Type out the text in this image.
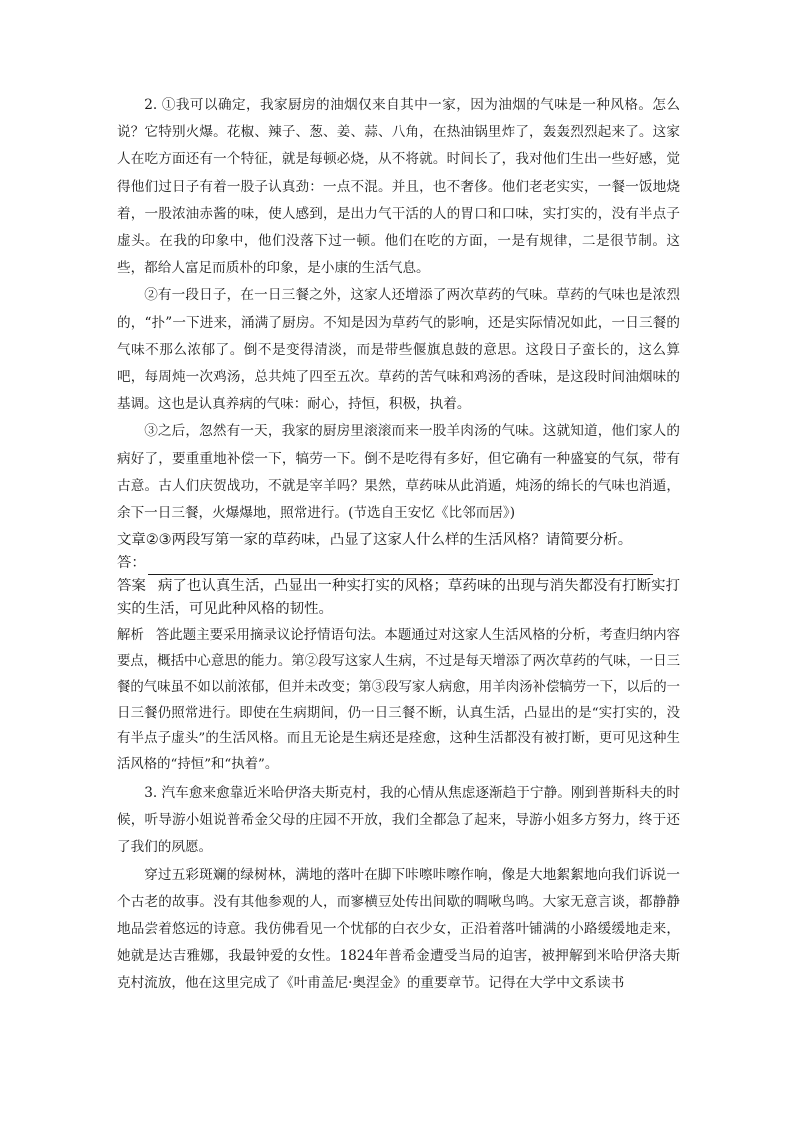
2. ①我可以确定，我家厨房的油烟仅来自其中一家，因为油烟的气味是一种风格。怎么说？它特别火爆。花椒、辣子、葱、姜、蒜、八角，在热油锅里炸了，轰轰烈烈起来了。这家人在吃方面还有一个特征，就是每顿必烧，从不将就。时间长了，我对他们生出一些好感，觉得他们过日子有着一股子认真劲：一点不混。并且，也不奢侈。他们老老实实，一餐一饭地烧着，一股浓油赤酱的味，使人感到，是出力气干活的人的胃口和口味，实打实的，没有半点子虚头。在我的印象中，他们没落下过一顿。他们在吃的方面，一是有规律，二是很节制。这些，都给人富足而质朴的印象，是小康的生活气息。

②有一段日子，在一日三餐之外，这家人还增添了两次草药的气味。草药的气味也是浓烈的，“扑”一下进来，涌满了厨房。不知是因为草药气的影响，还是实际情况如此，一日三餐的气味不那么浓郁了。倒不是变得清淡，而是带些偃旗息鼓的意思。这段日子蛮长的，这么算吧，每周炖一次鸡汤，总共炖了四至五次。草药的苦气味和鸡汤的香味，是这段时间油烟味的基调。这也是认真养病的气味：耐心，持恒，积极，执着。

③之后，忽然有一天，我家的厨房里滚滚而来一股羊肉汤的气味。这就知道，他们家人的病好了，要重重地补偿一下，犒劳一下。倒不是吃得有多好，但它确有一种盛宴的气氛，带有古意。古人们庆贺战功，不就是宰羊吗？果然，草药味从此消遁，炖汤的绵长的气味也消遁，余下一日三餐，火爆爆地，照常进行。(节选自王安忆《比邻而居》)

文章②③两段写第一家的草药味，凸显了这家人什么样的生活风格？请简要分析。

答：

答案 病了也认真生活，凸显出一种实打实的风格；草药味的出现与消失都没有打断实打实的生活，可见此种风格的韧性。

解析 答此题主要采用摘录议论抒情语句法。本题通过对这家人生活风格的分析，考查归纳内容要点，概括中心意思的能力。第②段写这家人生病，不过是每天增添了两次草药的气味，一日三餐的气味虽不如以前浓郁，但并未改变；第③段写家人病愈，用羊肉汤补偿犒劳一下，以后的一日三餐仍照常进行。即使在生病期间，仍一日三餐不断，认真生活，凸显出的是“实打实的，没有半点子虚头”的生活风格。而且无论是生病还是痊愈，这种生活都没有被打断，更可见这种生活风格的“持恒”和“执着”。

3. 汽车愈来愈靠近米哈伊洛夫斯克村，我的心情从焦虑逐渐趋于宁静。刚到普斯科夫的时候，听导游小姐说普希金父母的庄园不开放，我们全都急了起来，导游小姐多方努力，终于还了我们的夙愿。

穿过五彩斑斓的绿树林，满地的落叶在脚下咔嚓咔嚓作响，像是大地絮絮地向我们诉说一个古老的故事。没有其他参观的人，而寥横豆处传出间歇的啁啾鸟鸣。大家无意言谈，都静静地品尝着悠远的诗意。我仿佛看见一个忧郁的白衣少女，正沿着落叶铺满的小路缓缓地走来，她就是达吉雅娜，我最钟爱的女性。1824年普希金遭受当局的迫害，被押解到米哈伊洛夫斯克村流放，他在这里完成了《叶甫盖尼·奥涅金》的重要章节。记得在大学中文系读书
